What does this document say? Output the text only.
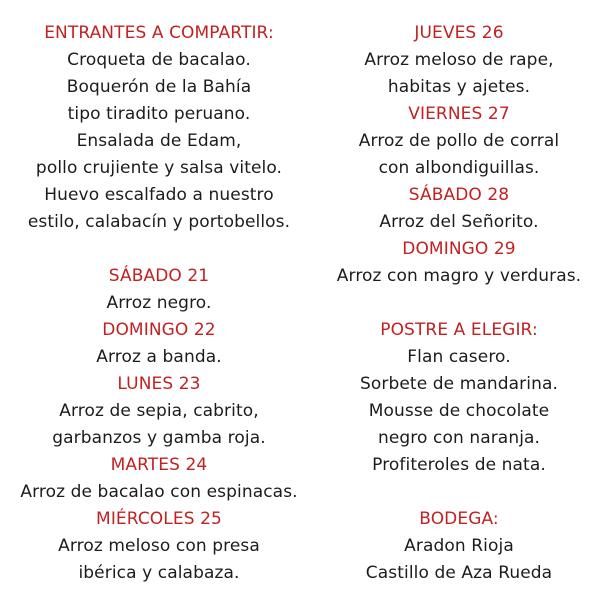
ENTRANTES A COMPARTIR:
Croqueta de bacalao.
Boquerón de la Bahía
tipo tiradito peruano.
Ensalada de Edam,
pollo crujiente y salsa vitelo.
Huevo escalfado a nuestro
estilo, calabacín y portobellos.
SÁBADO 21
Arroz negro.
DOMINGO 22
Arroz a banda.
LUNES 23
Arroz de sepia, cabrito,
garbanzos y gamba roja.
MARTES 24
Arroz de bacalao con espinacas.
MIÉRCOLES 25
Arroz meloso con presa
ibérica y calabaza.
JUEVES 26
Arroz meloso de rape,
habitas y ajetes.
VIERNES 27
Arroz de pollo de corral
con albondiguillas.
SÁBADO 28
Arroz del Señorito.
DOMINGO 29
Arroz con magro y verduras.
POSTRE A ELEGIR:
Flan casero.
Sorbete de mandarina.
Mousse de chocolate
negro con naranja.
Profiteroles de nata.
BODEGA:
Aradon Rioja
Castillo de Aza Rueda
